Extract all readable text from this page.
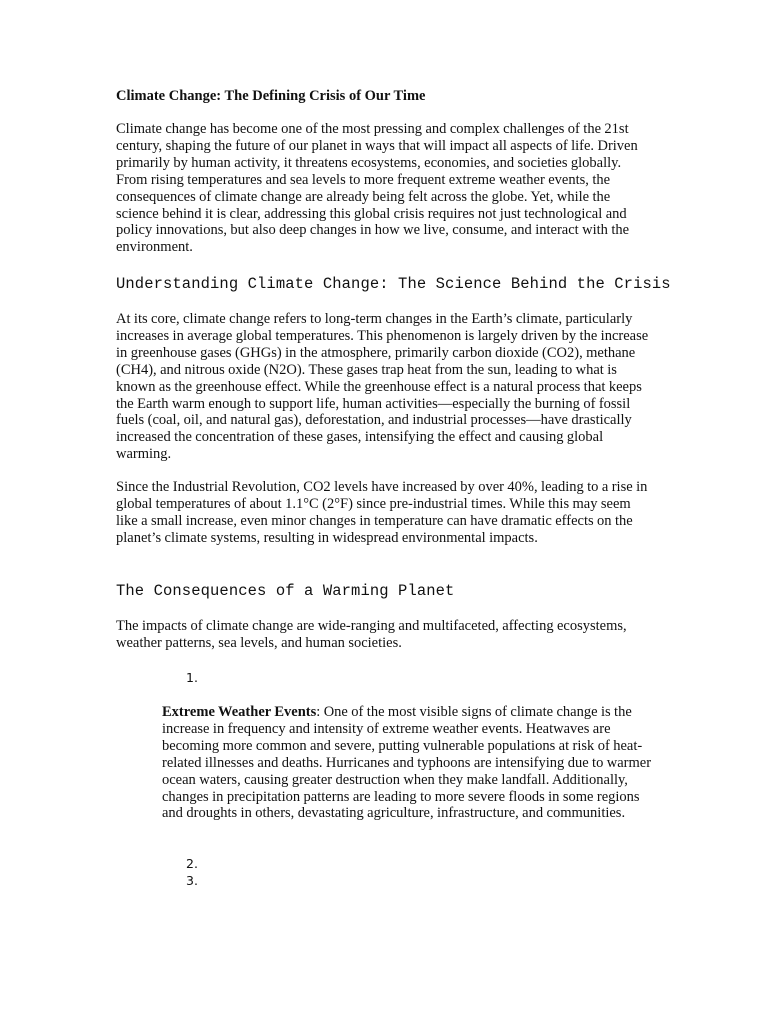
Climate Change: The Defining Crisis of Our Time

Climate change has become one of the most pressing and complex challenges of the 21st century, shaping the future of our planet in ways that will impact all aspects of life. Driven primarily by human activity, it threatens ecosystems, economies, and societies globally. From rising temperatures and sea levels to more frequent extreme weather events, the consequences of climate change are already being felt across the globe. Yet, while the science behind it is clear, addressing this global crisis requires not just technological and policy innovations, but also deep changes in how we live, consume, and interact with the environment.

Understanding Climate Change: The Science Behind the Crisis

At its core, climate change refers to long-term changes in the Earth’s climate, particularly increases in average global temperatures. This phenomenon is largely driven by the increase in greenhouse gases (GHGs) in the atmosphere, primarily carbon dioxide (CO2), methane (CH4), and nitrous oxide (N2O). These gases trap heat from the sun, leading to what is known as the greenhouse effect. While the greenhouse effect is a natural process that keeps the Earth warm enough to support life, human activities—especially the burning of fossil fuels (coal, oil, and natural gas), deforestation, and industrial processes—have drastically increased the concentration of these gases, intensifying the effect and causing global warming.

Since the Industrial Revolution, CO2 levels have increased by over 40%, leading to a rise in global temperatures of about 1.1°C (2°F) since pre-industrial times. While this may seem like a small increase, even minor changes in temperature can have dramatic effects on the planet’s climate systems, resulting in widespread environmental impacts.

The Consequences of a Warming Planet

The impacts of climate change are wide-ranging and multifaceted, affecting ecosystems, weather patterns, sea levels, and human societies.

1.

Extreme Weather Events: One of the most visible signs of climate change is the increase in frequency and intensity of extreme weather events. Heatwaves are becoming more common and severe, putting vulnerable populations at risk of heat-related illnesses and deaths. Hurricanes and typhoons are intensifying due to warmer ocean waters, causing greater destruction when they make landfall. Additionally, changes in precipitation patterns are leading to more severe floods in some regions and droughts in others, devastating agriculture, infrastructure, and communities.

2.
3.
